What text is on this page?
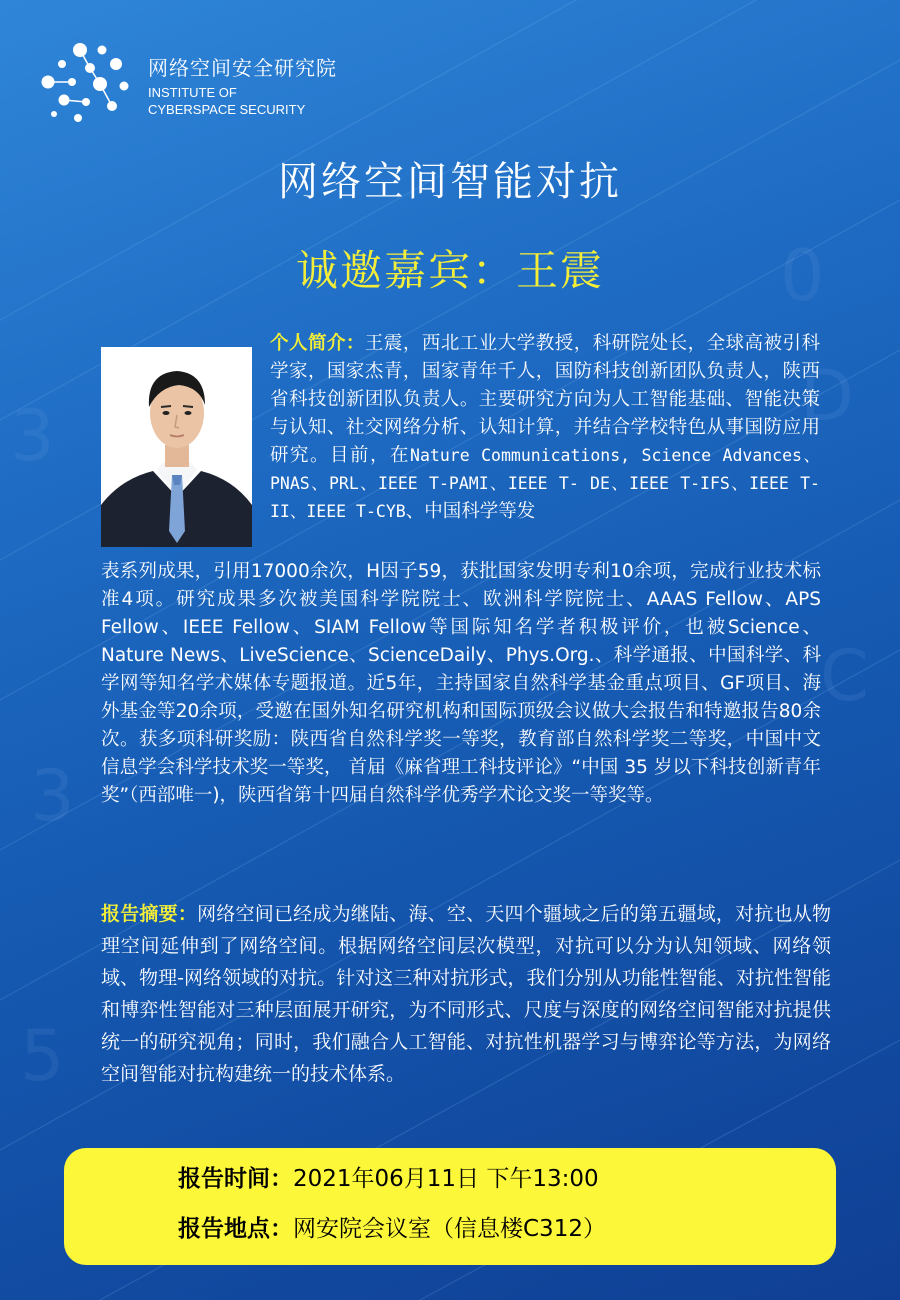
3
3
0
D
C
5
网络空间安全研究院
INSTITUTE OF
CYBERSPACE SECURITY
网络空间智能对抗
诚邀嘉宾：王震
个人简介：王震，西北工业大学教授，科研院处长，全球高被引科学家，国家杰青，国家青年千人，国防科技创新团队负责人，陕西省科技创新团队负责人。主要研究方向为人工智能基础、智能决策与认知、社交网络分析、认知计算，并结合学校特色从事国防应用研究。目前，在Nature Communications, Science Advances、PNAS、PRL、IEEE T-PAMI、IEEE T- DE、IEEE T-IFS、IEEE T-II、IEEE T-CYB、中国科学等发
表系列成果，引用17000余次，H因子59，获批国家发明专利10余项，完成行业技术标准4项。研究成果多次被美国科学院院士、欧洲科学院院士、AAAS Fellow、APS Fellow、IEEE Fellow、SIAM Fellow等国际知名学者积极评价，也被Science、Nature News、LiveScience、ScienceDaily、Phys.Org.、科学通报、中国科学、科学网等知名学术媒体专题报道。近5年，主持国家自然科学基金重点项目、GF项目、海外基金等20余项，受邀在国外知名研究机构和国际顶级会议做大会报告和特邀报告80余次。获多项科研奖励：陕西省自然科学奖一等奖，教育部自然科学奖二等奖，中国中文信息学会科学技术奖一等奖， 首届《麻省理工科技评论》“中国 35 岁以下科技创新青年奖”（西部唯一)，陕西省第十四届自然科学优秀学术论文奖一等奖等。
报告摘要：网络空间已经成为继陆、海、空、天四个疆域之后的第五疆域，对抗也从物理空间延伸到了网络空间。根据网络空间层次模型，对抗可以分为认知领域、网络领域、物理-网络领域的对抗。针对这三种对抗形式，我们分别从功能性智能、对抗性智能和博弈性智能对三种层面展开研究，为不同形式、尺度与深度的网络空间智能对抗提供统一的研究视角；同时，我们融合人工智能、对抗性机器学习与博弈论等方法，为网络空间智能对抗构建统一的技术体系。
报告时间：2021年06月11日 下午13:00
报告地点：网安院会议室（信息楼C312）
